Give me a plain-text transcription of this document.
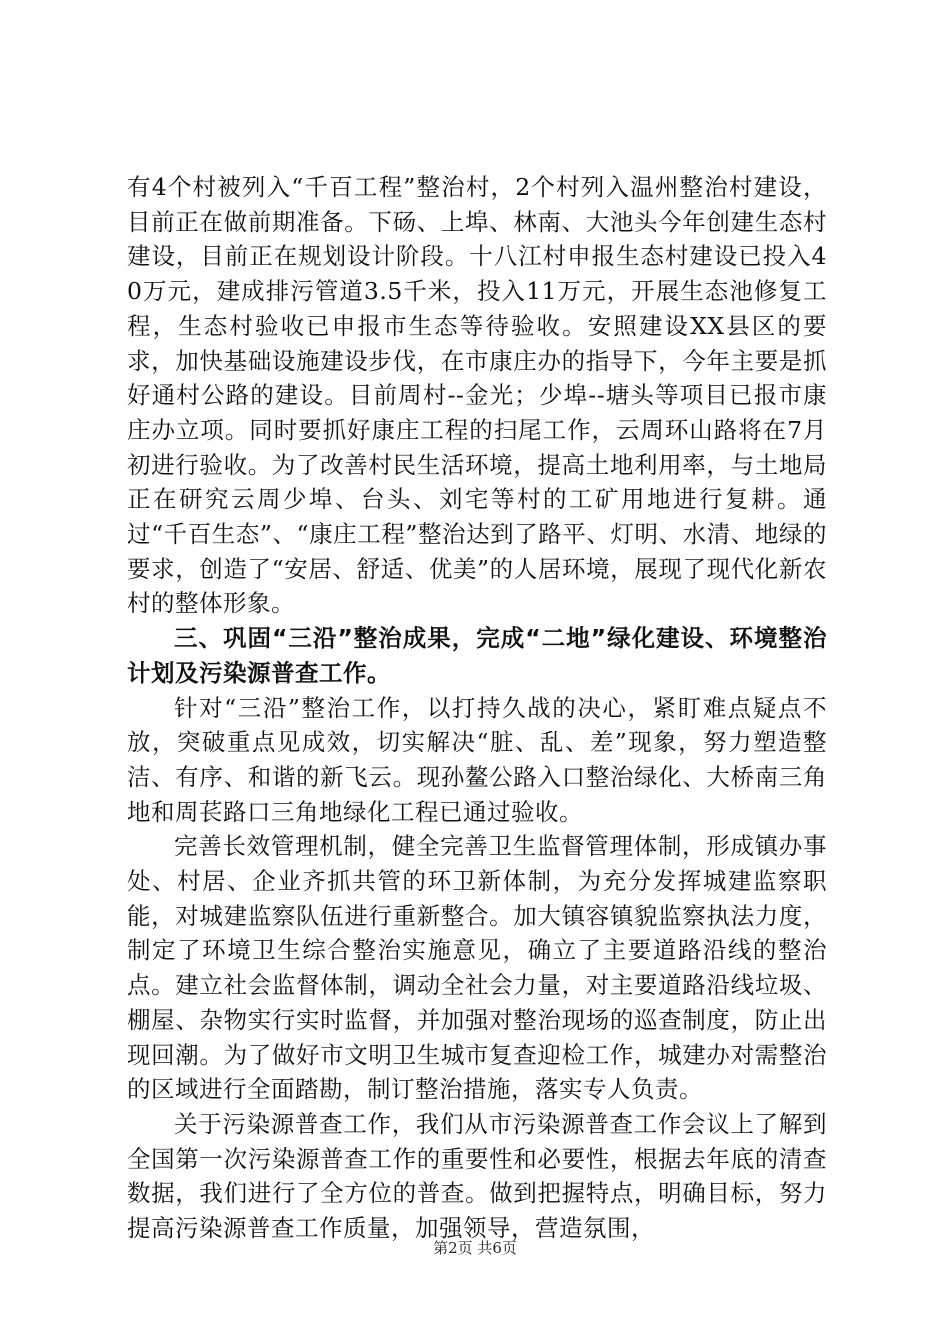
有4个村被列入“千百工程”整治村，2个村列入温州整治村建设，目前正在做前期准备。下砀、上埠、林南、大池头今年创建生态村建设，目前正在规划设计阶段。十八江村申报生态村建设已投入40万元，建成排污管道3.5千米，投入11万元，开展生态池修复工程，生态村验收已申报市生态等待验收。安照建设XX县区的要求，加快基础设施建设步伐，在市康庄办的指导下，今年主要是抓好通村公路的建设。目前周村--金光；少埠--塘头等项目已报市康庄办立项。同时要抓好康庄工程的扫尾工作，云周环山路将在7月初进行验收。为了改善村民生活环境，提高土地利用率，与土地局正在研究云周少埠、台头、刘宅等村的工矿用地进行复耕。通过“千百生态”、“康庄工程”整治达到了路平、灯明、水清、地绿的要求，创造了“安居、舒适、优美”的人居环境，展现了现代化新农村的整体形象。

三、巩固“三沿”整治成果，完成“二地”绿化建设、环境整治计划及污染源普查工作。

针对“三沿”整治工作，以打持久战的决心，紧盯难点疑点不放，突破重点见成效，切实解决“脏、乱、差”现象，努力塑造整洁、有序、和谐的新飞云。现孙鳌公路入口整治绿化、大桥南三角地和周苌路口三角地绿化工程已通过验收。

完善长效管理机制，健全完善卫生监督管理体制，形成镇办事处、村居、企业齐抓共管的环卫新体制，为充分发挥城建监察职能，对城建监察队伍进行重新整合。加大镇容镇貌监察执法力度，制定了环境卫生综合整治实施意见，确立了主要道路沿线的整治点。建立社会监督体制，调动全社会力量，对主要道路沿线垃圾、棚屋、杂物实行实时监督，并加强对整治现场的巡查制度，防止出现回潮。为了做好市文明卫生城市复查迎检工作，城建办对需整治的区域进行全面踏勘，制订整治措施，落实专人负责。

关于污染源普查工作，我们从市污染源普查工作会议上了解到全国第一次污染源普查工作的重要性和必要性，根据去年底的清查数据，我们进行了全方位的普查。做到把握特点，明确目标，努力提高污染源普查工作质量，加强领导，营造氛围，

第2页 共6页
